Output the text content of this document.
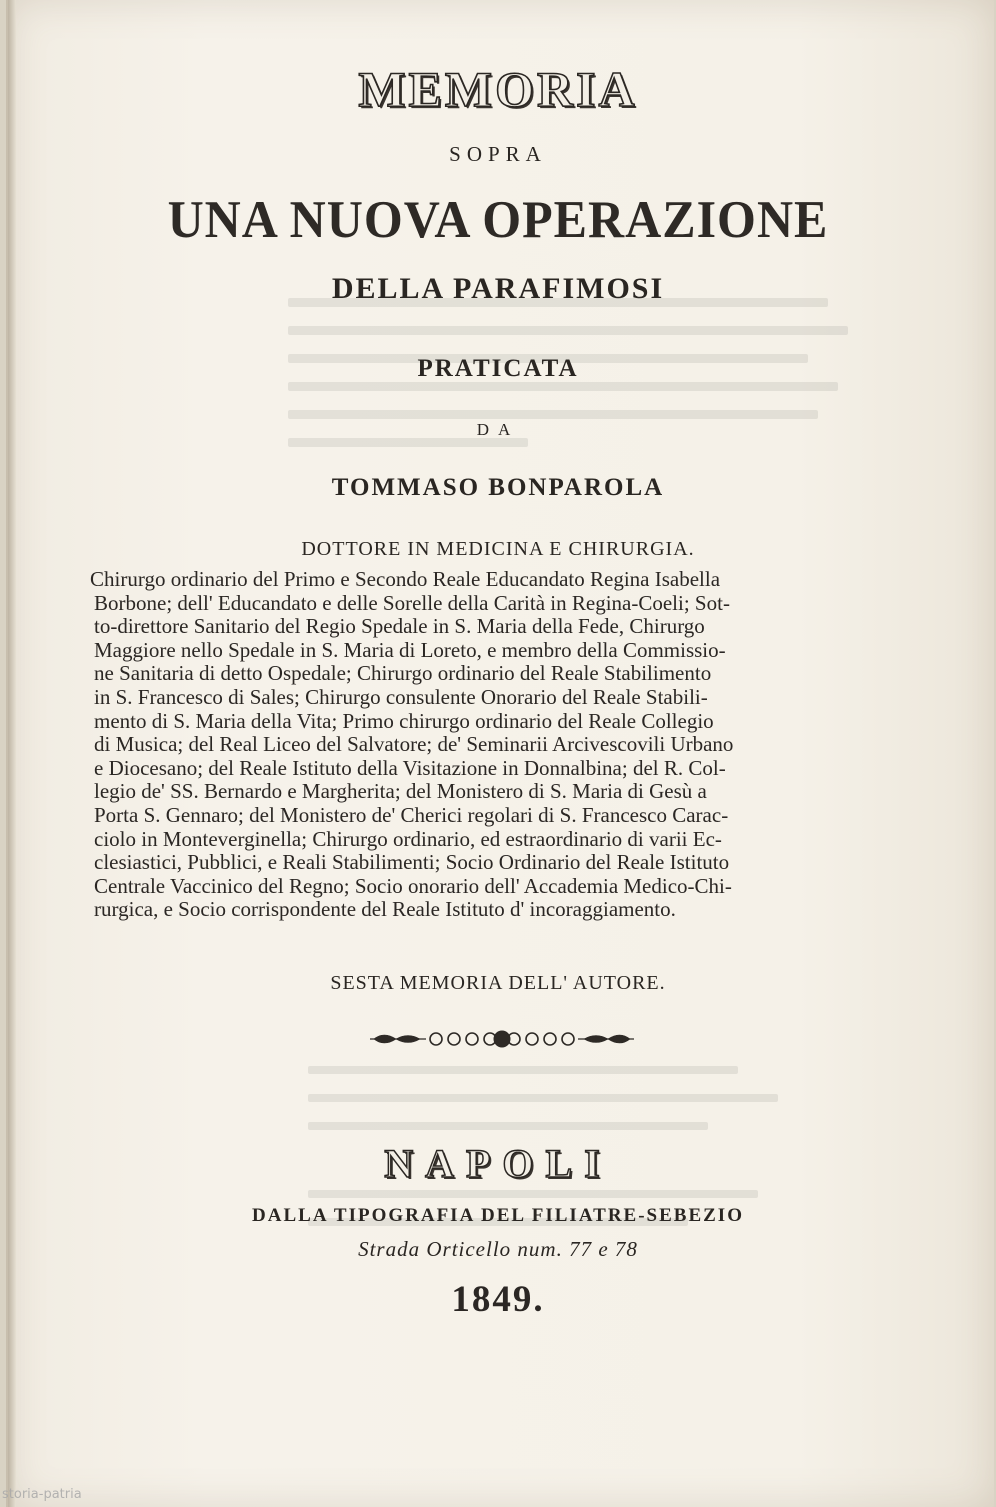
MEMORIA
SOPRA
UNA NUOVA OPERAZIONE
DELLA PARAFIMOSI
PRATICATA
DA
TOMMASO BONPAROLA
DOTTORE IN MEDICINA E CHIRURGIA.
Chirurgo ordinario del Primo e Secondo Reale Educandato Regina Isabella
Borbone; dell' Educandato e delle Sorelle della Carità in Regina-Coeli; Sot-
to-direttore Sanitario del Regio Spedale in S. Maria della Fede, Chirurgo
Maggiore nello Spedale in S. Maria di Loreto, e membro della Commissio-
ne Sanitaria di detto Ospedale; Chirurgo ordinario del Reale Stabilimento
in S. Francesco di Sales; Chirurgo consulente Onorario del Reale Stabili-
mento di S. Maria della Vita; Primo chirurgo ordinario del Reale Collegio
di Musica; del Real Liceo del Salvatore; de' Seminarii Arcivescovili Urbano
e Diocesano; del Reale Istituto della Visitazione in Donnalbina; del R. Col-
legio de' SS. Bernardo e Margherita; del Monistero di S. Maria di Gesù a
Porta S. Gennaro; del Monistero de' Cherici regolari di S. Francesco Carac-
ciolo in Monteverginella; Chirurgo ordinario, ed estraordinario di varii Ec-
clesiastici, Pubblici, e Reali Stabilimenti; Socio Ordinario del Reale Istituto
Centrale Vaccinico del Regno; Socio onorario dell' Accademia Medico-Chi-
rurgica, e Socio corrispondente del Reale Istituto d' incoraggiamento.
SESTA MEMORIA DELL' AUTORE.
NAPOLI
DALLA TIPOGRAFIA DEL FILIATRE-SEBEZIO
Strada Orticello num. 77 e 78
1849.
storia-patria
